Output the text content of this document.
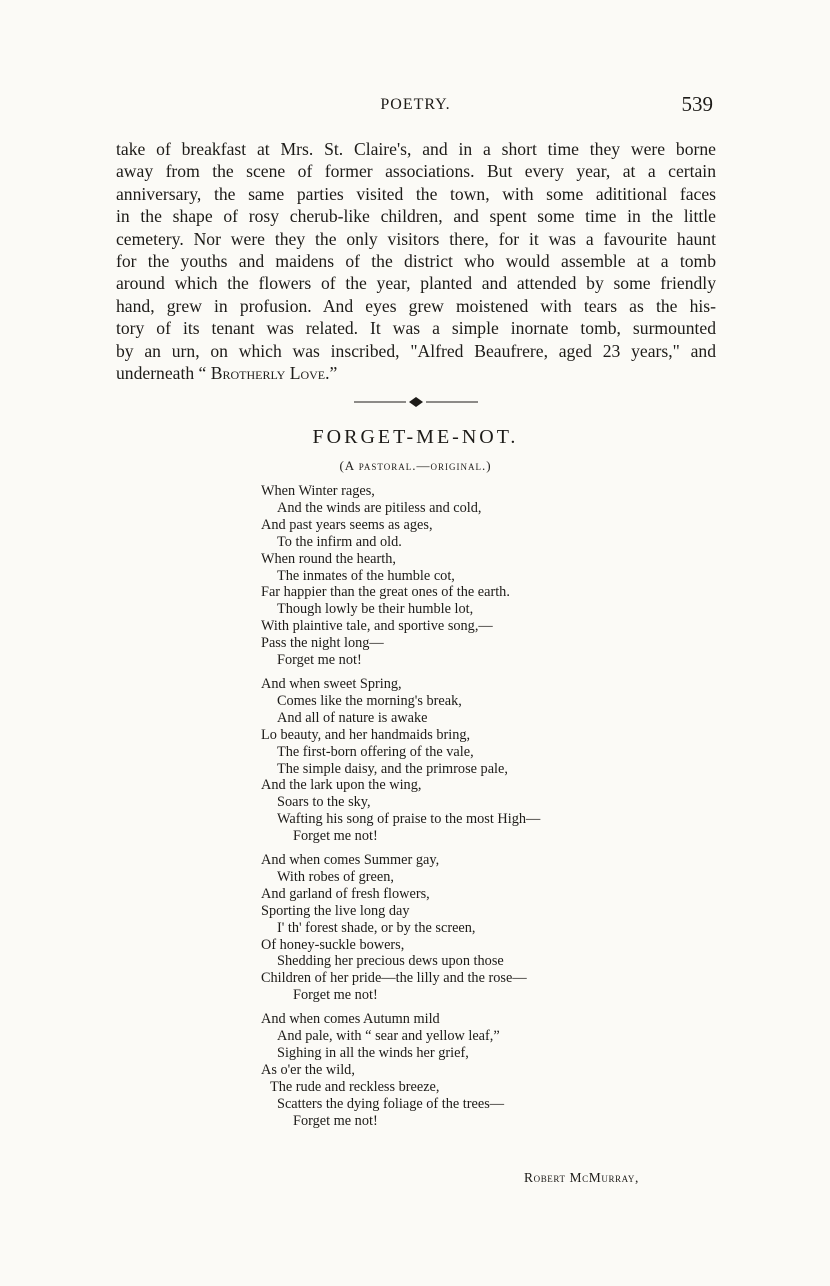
POETRY.	539
take of breakfast at Mrs. St. Claire's, and in a short time they were borne
away from the scene of former associations. But every year, at a certain
anniversary, the same parties visited the town, with some adititional faces
in the shape of rosy cherub-like children, and spent some time in the little
cemetery. Nor were they the only visitors there, for it was a favourite haunt
for the youths and maidens of the district who would assemble at a tomb
around which the flowers of the year, planted and attended by some friendly
hand, grew in profusion. And eyes grew moistened with tears as the his-
tory of its tenant was related. It was a simple inornate tomb, surmounted
by an urn, on which was inscribed, "Alfred Beaufrere, aged 23 years," and
underneath “ Brotherly Love.”
FORGET-ME-NOT.
(A pastoral.—original.)
When Winter rages,
And the winds are pitiless and cold,
And past years seems as ages,
To the infirm and old.
When round the hearth,
The inmates of the humble cot,
Far happier than the great ones of the earth.
Though lowly be their humble lot,
With plaintive tale, and sportive song,—
Pass the night long—
Forget me not!
And when sweet Spring,
Comes like the morning's break,
And all of nature is awake
Lo beauty, and her handmaids bring,
The first-born offering of the vale,
The simple daisy, and the primrose pale,
And the lark upon the wing,
Soars to the sky,
Wafting his song of praise to the most High—
Forget me not!
And when comes Summer gay,
With robes of green,
And garland of fresh flowers,
Sporting the live long day
I' th' forest shade, or by the screen,
Of honey-suckle bowers,
Shedding her precious dews upon those
Children of her pride—the lilly and the rose—
Forget me not!
And when comes Autumn mild
And pale, with “ sear and yellow leaf,”
Sighing in all the winds her grief,
As o'er the wild,
The rude and reckless breeze,
Scatters the dying foliage of the trees—
Forget me not!
Robert McMurray,
